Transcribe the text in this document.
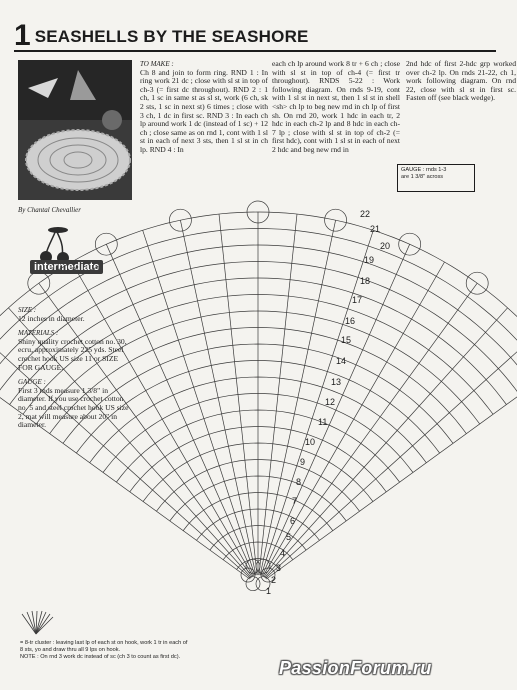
1 SEASHELLS BY THE SEASHORE
By Chantal Chevallier
intermediate
SIZE :
12 inches in diameter.
MATERIALS :
Shiny quality crochet cotton no. 30, ecru, approximately 225 yds. Steel crochet hook US size 11 or SIZE FOR GAUGE.
GAUGE :
First 3 rnds measure 1 3/8" in diameter. If you use crochet cotton no. 5 and steel crochet hook US size 2, mat will measure about 20" in diameter.
TO MAKE :
Ch 8 and join to form ring. RND 1 : In ring work 21 dc ; close with sl st in top of ch-3 (= first dc throughout). RND 2 : 1 ch, 1 sc in same st as sl st, work (6 ch, sk 2 sts, 1 sc in next st) 6 times ; close with 3 ch, 1 dc in first sc. RND 3 : In each ch lp around work 1 dc (instead of 1 sc) + 12 ch ; close same as on rnd 1, cont with 1 sl st in each of next 3 sts, then 1 sl st in ch lp. RND 4 : In
each ch lp around work 8 tr + 6 ch ; close with sl st in top of ch-4 (= first tr throughout). RNDS 5-22 : Work following diagram. On rnds 9-19, cont with 1 sl st in next st, then 1 sl st in shell <sh> ch lp to beg new rnd in ch lp of first sh. On rnd 20, work 1 hdc in each tr, 2 hdc in each ch-2 lp and 8 hdc in each ch-7 lp ; close with sl st in top of ch-2 (= first hdc), cont with 1 sl st in each of next 2 hdc and beg new rnd in
2nd hdc of first 2-hdc grp worked over ch-2 lp. On rnds 21-22, ch 1, work following diagram. On rnd 22, close with sl st in first sc. Fasten off (see black wedge).
GAUGE : rnds 1-3
are 1 3/8" across
22
21
20
19
18
17
16
15
14
13
12
11
10
9
8
7
6
5
4
3
2
1
= 8-tr cluster : leaving last lp of each st on hook, work 1 tr in each of 8 sts, yo and draw thru all 9 lps on hook.
NOTE : On rnd 3 work dc instead of sc (ch 3 to count as first dc).
PassionForum.ru
